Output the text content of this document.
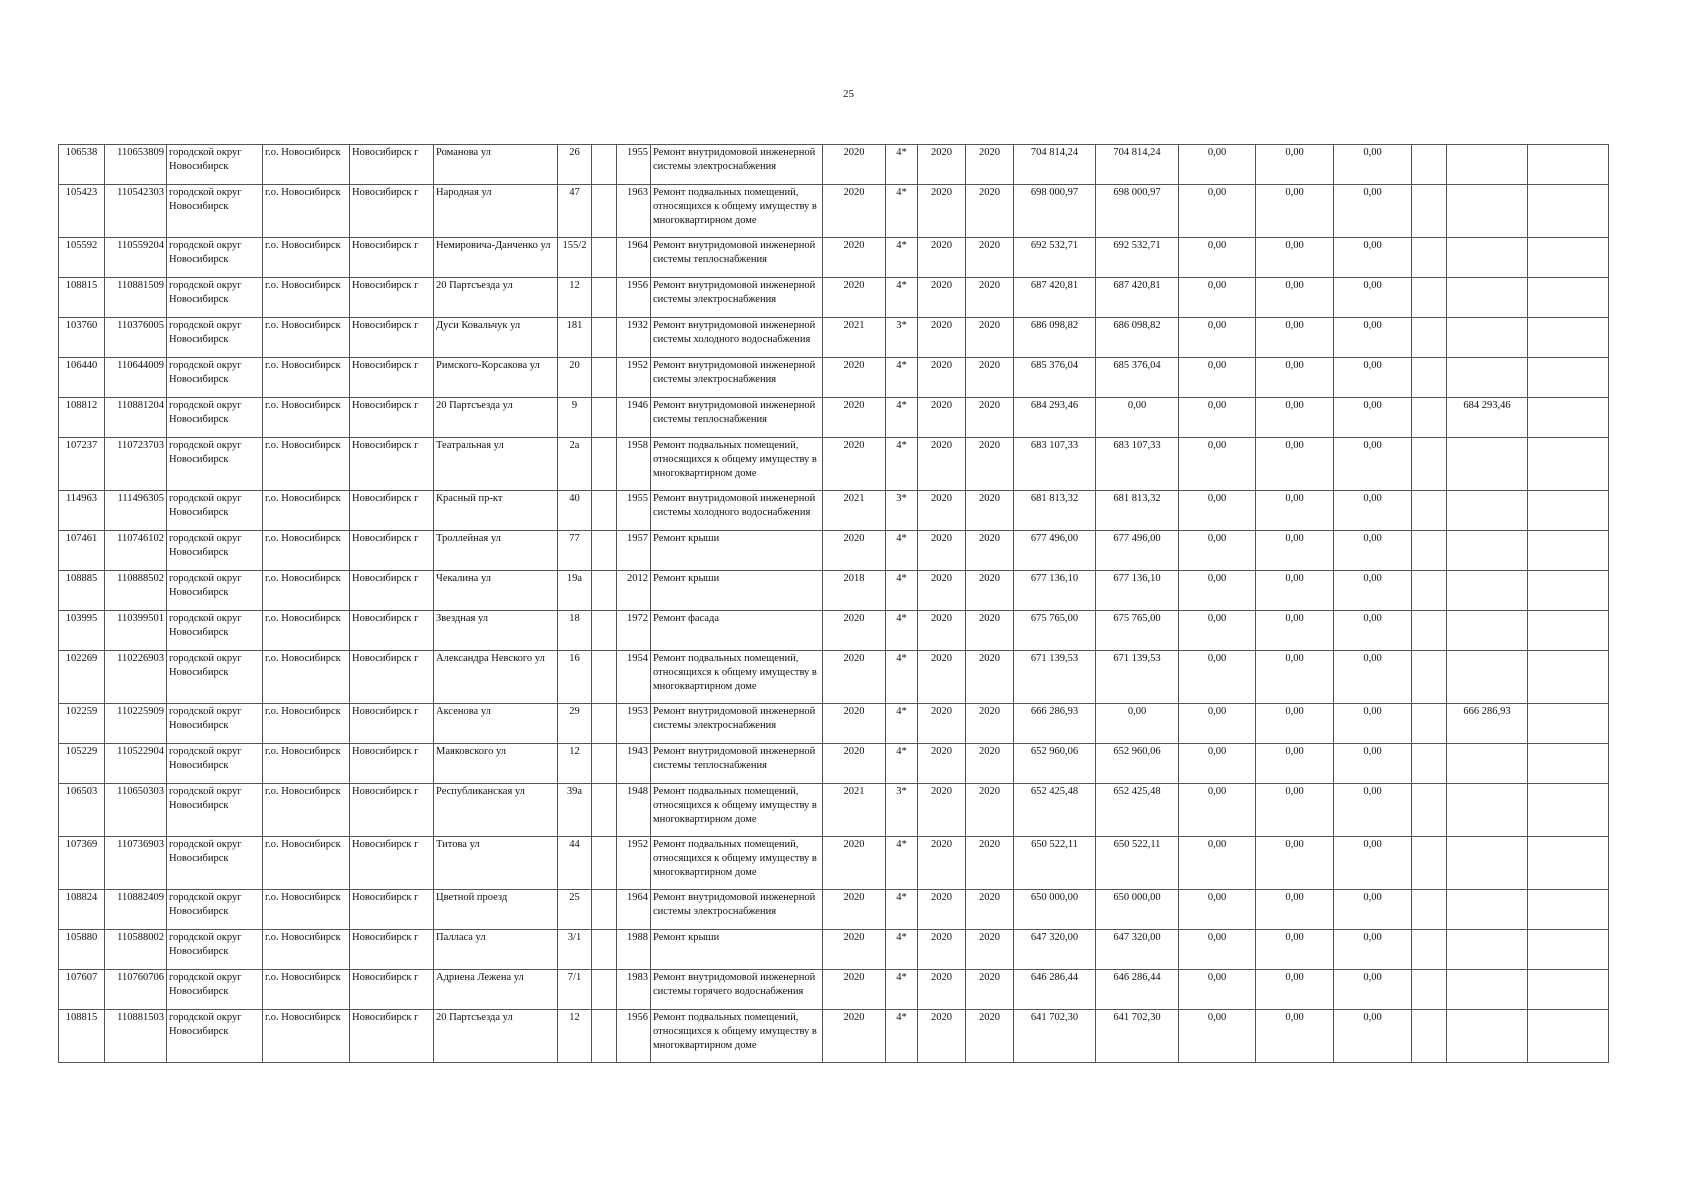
25
106538	110653809	городской округ Новосибирск	г.о. Новосибирск	Новосибирск г	Романова ул	26		1955	Ремонт внутридомовой инженерной системы электроснабжения	2020	4*	2020	2020	704 814,24	704 814,24	0,00	0,00	0,00			
105423	110542303	городской округ Новосибирск	г.о. Новосибирск	Новосибирск г	Народная ул	47		1963	Ремонт подвальных помещений, относящихся к общему имуществу в многоквартирном доме	2020	4*	2020	2020	698 000,97	698 000,97	0,00	0,00	0,00			
105592	110559204	городской округ Новосибирск	г.о. Новосибирск	Новосибирск г	Немировича-Данченко ул	155/2		1964	Ремонт внутридомовой инженерной системы теплоснабжения	2020	4*	2020	2020	692 532,71	692 532,71	0,00	0,00	0,00			
108815	110881509	городской округ Новосибирск	г.о. Новосибирск	Новосибирск г	20 Партсъезда ул	12		1956	Ремонт внутридомовой инженерной системы электроснабжения	2020	4*	2020	2020	687 420,81	687 420,81	0,00	0,00	0,00			
103760	110376005	городской округ Новосибирск	г.о. Новосибирск	Новосибирск г	Дуси Ковальчук ул	181		1932	Ремонт внутридомовой инженерной системы холодного водоснабжения	2021	3*	2020	2020	686 098,82	686 098,82	0,00	0,00	0,00			
106440	110644009	городской округ Новосибирск	г.о. Новосибирск	Новосибирск г	Римского-Корсакова ул	20		1952	Ремонт внутридомовой инженерной системы электроснабжения	2020	4*	2020	2020	685 376,04	685 376,04	0,00	0,00	0,00			
108812	110881204	городской округ Новосибирск	г.о. Новосибирск	Новосибирск г	20 Партсъезда ул	9		1946	Ремонт внутридомовой инженерной системы теплоснабжения	2020	4*	2020	2020	684 293,46	0,00	0,00	0,00	0,00		684 293,46	
107237	110723703	городской округ Новосибирск	г.о. Новосибирск	Новосибирск г	Театральная ул	2а		1958	Ремонт подвальных помещений, относящихся к общему имуществу в многоквартирном доме	2020	4*	2020	2020	683 107,33	683 107,33	0,00	0,00	0,00			
114963	111496305	городской округ Новосибирск	г.о. Новосибирск	Новосибирск г	Красный пр-кт	40		1955	Ремонт внутридомовой инженерной системы холодного водоснабжения	2021	3*	2020	2020	681 813,32	681 813,32	0,00	0,00	0,00			
107461	110746102	городской округ Новосибирск	г.о. Новосибирск	Новосибирск г	Троллейная ул	77		1957	Ремонт крыши	2020	4*	2020	2020	677 496,00	677 496,00	0,00	0,00	0,00			
108885	110888502	городской округ Новосибирск	г.о. Новосибирск	Новосибирск г	Чекалина ул	19а		2012	Ремонт крыши	2018	4*	2020	2020	677 136,10	677 136,10	0,00	0,00	0,00			
103995	110399501	городской округ Новосибирск	г.о. Новосибирск	Новосибирск г	Звездная ул	18		1972	Ремонт фасада	2020	4*	2020	2020	675 765,00	675 765,00	0,00	0,00	0,00			
102269	110226903	городской округ Новосибирск	г.о. Новосибирск	Новосибирск г	Александра Невского ул	16		1954	Ремонт подвальных помещений, относящихся к общему имуществу в многоквартирном доме	2020	4*	2020	2020	671 139,53	671 139,53	0,00	0,00	0,00			
102259	110225909	городской округ Новосибирск	г.о. Новосибирск	Новосибирск г	Аксенова ул	29		1953	Ремонт внутридомовой инженерной системы электроснабжения	2020	4*	2020	2020	666 286,93	0,00	0,00	0,00	0,00		666 286,93	
105229	110522904	городской округ Новосибирск	г.о. Новосибирск	Новосибирск г	Маяковского ул	12		1943	Ремонт внутридомовой инженерной системы теплоснабжения	2020	4*	2020	2020	652 960,06	652 960,06	0,00	0,00	0,00			
106503	110650303	городской округ Новосибирск	г.о. Новосибирск	Новосибирск г	Республиканская ул	39а		1948	Ремонт подвальных помещений, относящихся к общему имуществу в многоквартирном доме	2021	3*	2020	2020	652 425,48	652 425,48	0,00	0,00	0,00			
107369	110736903	городской округ Новосибирск	г.о. Новосибирск	Новосибирск г	Титова ул	44		1952	Ремонт подвальных помещений, относящихся к общему имуществу в многоквартирном доме	2020	4*	2020	2020	650 522,11	650 522,11	0,00	0,00	0,00			
108824	110882409	городской округ Новосибирск	г.о. Новосибирск	Новосибирск г	Цветной проезд	25		1964	Ремонт внутридомовой инженерной системы электроснабжения	2020	4*	2020	2020	650 000,00	650 000,00	0,00	0,00	0,00			
105880	110588002	городской округ Новосибирск	г.о. Новосибирск	Новосибирск г	Палласа ул	3/1		1988	Ремонт крыши	2020	4*	2020	2020	647 320,00	647 320,00	0,00	0,00	0,00			
107607	110760706	городской округ Новосибирск	г.о. Новосибирск	Новосибирск г	Адриена Лежена ул	7/1		1983	Ремонт внутридомовой инженерной системы горячего водоснабжения	2020	4*	2020	2020	646 286,44	646 286,44	0,00	0,00	0,00			
108815	110881503	городской округ Новосибирск	г.о. Новосибирск	Новосибирск г	20 Партсъезда ул	12		1956	Ремонт подвальных помещений, относящихся к общему имуществу в многоквартирном доме	2020	4*	2020	2020	641 702,30	641 702,30	0,00	0,00	0,00			
